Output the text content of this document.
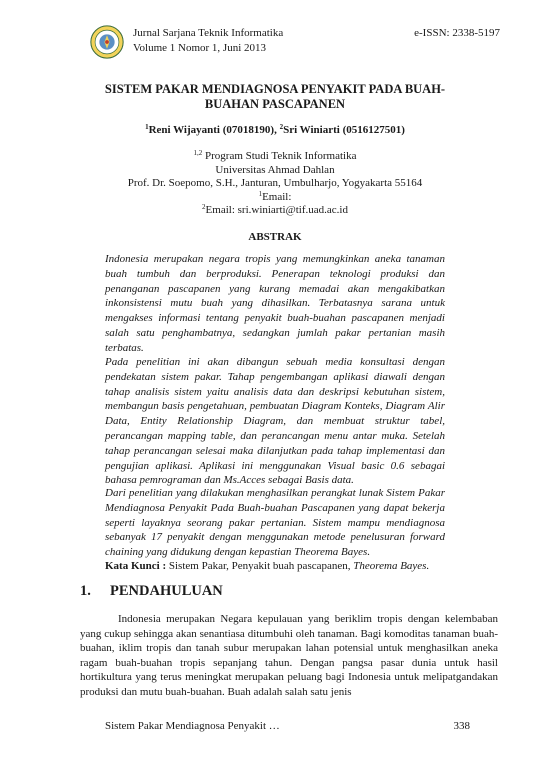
Jurnal Sarjana Teknik Informatika
Volume 1 Nomor 1, Juni 2013
e-ISSN: 2338-5197
SISTEM PAKAR MENDIAGNOSA PENYAKIT PADA BUAH-BUAHAN PASCAPANEN
$^1$Reni Wijayanti (07018190), $^2$Sri Winiarti (0516127501)
$^{1,2}$ Program Studi Teknik Informatika
Universitas Ahmad Dahlan
Prof. Dr. Soepomo, S.H., Janturan, Umbulharjo, Yogyakarta 55164
$^1$Email:
$^2$Email: sri.winiarti@tif.uad.ac.id
ABSTRAK

Indonesia merupakan negara tropis yang memungkinkan aneka tanaman buah tumbuh dan berproduksi. Penerapan teknologi produksi dan penanganan pascapanen yang kurang memadai akan mengakibatkan inkonsistensi mutu buah yang dihasilkan. Terbatasnya sarana untuk mengakses informasi tentang penyakit buah-buahan pascapanen menjadi salah satu penghambatnya, sedangkan jumlah pakar pertanian masih terbatas.

Pada penelitian ini akan dibangun sebuah media konsultasi dengan pendekatan sistem pakar. Tahap pengembangan aplikasi diawali dengan tahap analisis sistem yaitu analisis data dan deskripsi kebutuhan sistem, membangun basis pengetahuan, pembuatan Diagram Konteks, Diagram Alir Data, Entity Relationship Diagram, dan membuat struktur tabel, perancangan mapping table, dan perancangan menu antar muka. Setelah tahap perancangan selesai maka dilanjutkan pada tahap implementasi dan pengujian aplikasi. Aplikasi ini menggunakan Visual basic 0.6 sebagai bahasa pemrograman dan Ms.Acces sebagai Basis data.

Dari penelitian yang dilakukan menghasilkan perangkat lunak Sistem Pakar Mendiagnosa Penyakit Pada Buah-buahan Pascapanen yang dapat bekerja seperti layaknya seorang pakar pertanian. Sistem mampu mendiagnosa sebanyak 17 penyakit dengan menggunakan metode penelusuran forward chaining yang didukung dengan kepastian Theorema Bayes.

Kata Kunci : Sistem Pakar, Penyakit buah pascapanen, Theorema Bayes.
1. PENDAHULUAN

Indonesia merupakan Negara kepulauan yang beriklim tropis dengan kelembaban yang cukup sehingga akan senantiasa ditumbuhi oleh tanaman. Bagi komoditas tanaman buah-buahan, iklim tropis dan tanah subur merupakan lahan potensial untuk menghasilkan aneka ragam buah-buahan tropis sepanjang tahun. Dengan pangsa pasar dunia untuk hasil hortikultura yang terus meningkat merupakan peluang bagi Indonesia untuk melipatgandakan produksi dan mutu buah-buahan. Buah adalah salah satu jenis

Sistem Pakar Mendiagnosa Penyakit …	338
